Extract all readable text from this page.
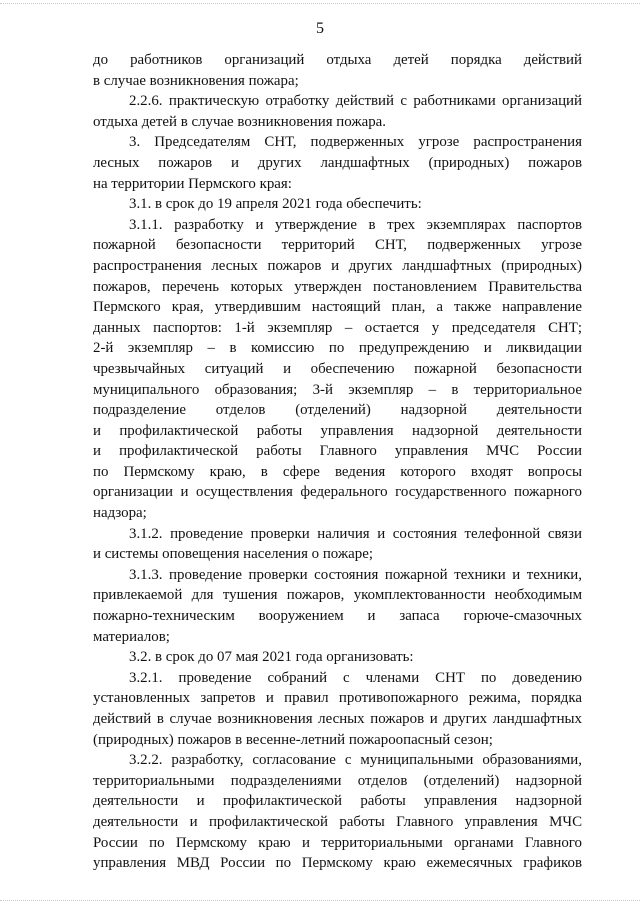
5
до работников организаций отдыха детей порядка действий
в случае возникновения пожара;
2.2.6. практическую отработку действий с работниками организаций
отдыха детей в случае возникновения пожара.
3. Председателям СНТ, подверженных угрозе распространения
лесных пожаров и других ландшафтных (природных) пожаров
на территории Пермского края:
3.1. в срок до 19 апреля 2021 года обеспечить:
3.1.1. разработку и утверждение в трех экземплярах паспортов
пожарной безопасности территорий СНТ, подверженных угрозе
распространения лесных пожаров и других ландшафтных (природных)
пожаров, перечень которых утвержден постановлением Правительства
Пермского края, утвердившим настоящий план, а также направление
данных паспортов: 1-й экземпляр – остается у председателя СНТ;
2-й экземпляр – в комиссию по предупреждению и ликвидации
чрезвычайных ситуаций и обеспечению пожарной безопасности
муниципального образования; 3-й экземпляр – в территориальное
подразделение отделов (отделений) надзорной деятельности
и профилактической работы управления надзорной деятельности
и профилактической работы Главного управления МЧС России
по Пермскому краю, в сфере ведения которого входят вопросы
организации и осуществления федерального государственного пожарного
надзора;
3.1.2. проведение проверки наличия и состояния телефонной связи
и системы оповещения населения о пожаре;
3.1.3. проведение проверки состояния пожарной техники и техники,
привлекаемой для тушения пожаров, укомплектованности необходимым
пожарно-техническим вооружением и запаса горюче-смазочных
материалов;
3.2. в срок до 07 мая 2021 года организовать:
3.2.1. проведение собраний с членами СНТ по доведению
установленных запретов и правил противопожарного режима, порядка
действий в случае возникновения лесных пожаров и других ландшафтных
(природных) пожаров в весенне-летний пожароопасный сезон;
3.2.2. разработку, согласование с муниципальными образованиями,
территориальными подразделениями отделов (отделений) надзорной
деятельности и профилактической работы управления надзорной
деятельности и профилактической работы Главного управления МЧС
России по Пермскому краю и территориальными органами Главного
управления МВД России по Пермскому краю ежемесячных графиков
